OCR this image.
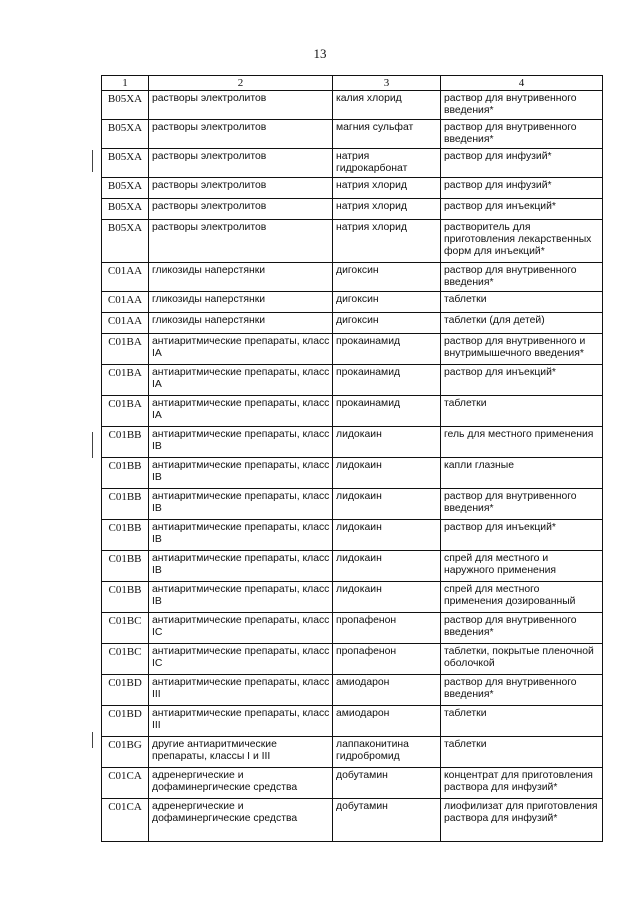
13
1	2	3	4
B05XA	растворы электролитов	калия хлорид	раствор для внутривенного введения*
B05XA	растворы электролитов	магния сульфат	раствор для внутривенного введения*
B05XA	растворы электролитов	натрия гидрокарбонат	раствор для инфузий*
B05XA	растворы электролитов	натрия хлорид	раствор для инфузий*
B05XA	растворы электролитов	натрия хлорид	раствор для инъекций*
B05XA	растворы электролитов	натрия хлорид	растворитель для приготовления лекарственных форм для инъекций*
C01AA	гликозиды наперстянки	дигоксин	раствор для внутривенного введения*
C01AA	гликозиды наперстянки	дигоксин	таблетки
C01AA	гликозиды наперстянки	дигоксин	таблетки (для детей)
C01BA	антиаритмические препараты, класс IA	прокаинамид	раствор для внутривенного и внутримышечного введения*
C01BA	антиаритмические препараты, класс IA	прокаинамид	раствор для инъекций*
C01BA	антиаритмические препараты, класс IA	прокаинамид	таблетки
C01BB	антиаритмические препараты, класс IB	лидокаин	гель для местного применения
C01BB	антиаритмические препараты, класс IB	лидокаин	капли глазные
C01BB	антиаритмические препараты, класс IB	лидокаин	раствор для внутривенного введения*
C01BB	антиаритмические препараты, класс IB	лидокаин	раствор для инъекций*
C01BB	антиаритмические препараты, класс IB	лидокаин	спрей для местного и наружного применения
C01BB	антиаритмические препараты, класс IB	лидокаин	спрей для местного применения дозированный
C01BC	антиаритмические препараты, класс IC	пропафенон	раствор для внутривенного введения*
C01BC	антиаритмические препараты, класс IC	пропафенон	таблетки, покрытые пленочной оболочкой
C01BD	антиаритмические препараты, класс III	амиодарон	раствор для внутривенного введения*
C01BD	антиаритмические препараты, класс III	амиодарон	таблетки
C01BG	другие антиаритмические препараты, классы I и III	лаппаконитина гидробромид	таблетки
C01CA	адренергические и дофаминергические средства	добутамин	концентрат для приготовления раствора для инфузий*
C01CA	адренергические и дофаминергические средства	добутамин	лиофилизат для приготовления раствора для инфузий*
